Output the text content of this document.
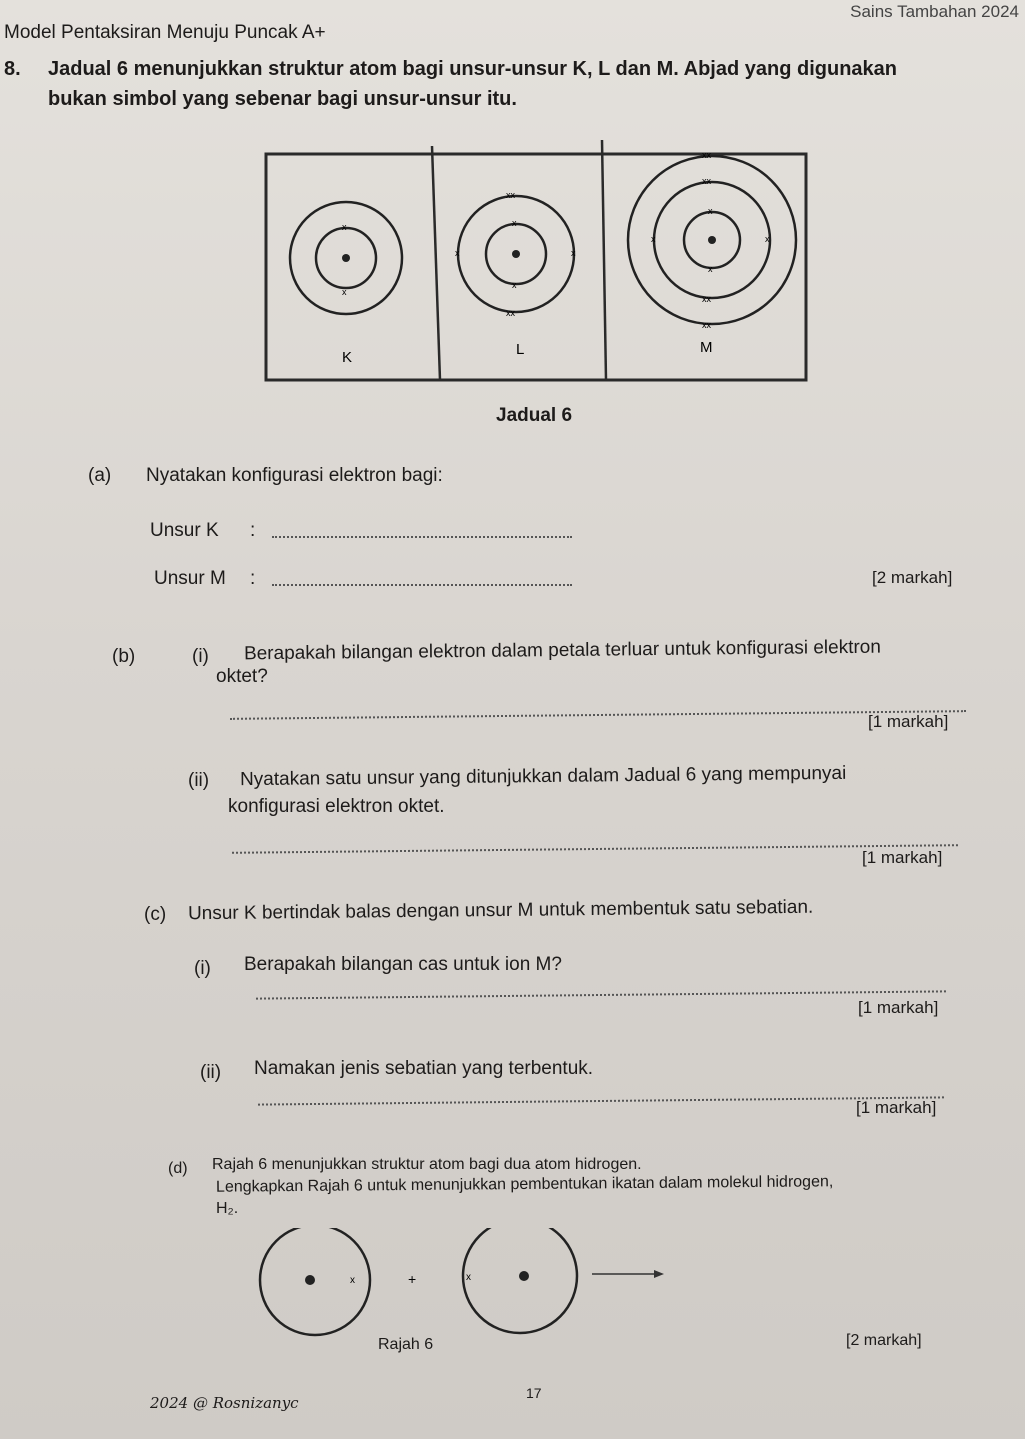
Sains Tambahan 2024
Model Pentaksiran Menuju Puncak A+
8. Jadual 6 menunjukkan struktur atom bagi unsur-unsur K, L dan M. Abjad yang digunakan
bukan simbol yang sebenar bagi unsur-unsur itu.
x
x
x
x
xx
xx
x	x
x
x
xx
xx
x	x
xx
xx
K	L	M
Jadual 6
(a) Nyatakan konfigurasi elektron bagi:
Unsur K :
Unsur M :	[2 markah]
(b)	(i) Berapakah bilangan elektron dalam petala terluar untuk konfigurasi elektron
oktet?
[1 markah]
(ii) Nyatakan satu unsur yang ditunjukkan dalam Jadual 6 yang mempunyai
konfigurasi elektron oktet.
[1 markah]
(c) Unsur K bertindak balas dengan unsur M untuk membentuk satu sebatian.
(i) Berapakah bilangan cas untuk ion M?
[1 markah]
(ii) Namakan jenis sebatian yang terbentuk.
[1 markah]
(d) Rajah 6 menunjukkan struktur atom bagi dua atom hidrogen.
Lengkapkan Rajah 6 untuk menunjukkan pembentukan ikatan dalam molekul hidrogen,
H₂.
x	+	x
Rajah 6	[2 markah]
2024 @ Rosnizanyc
17
